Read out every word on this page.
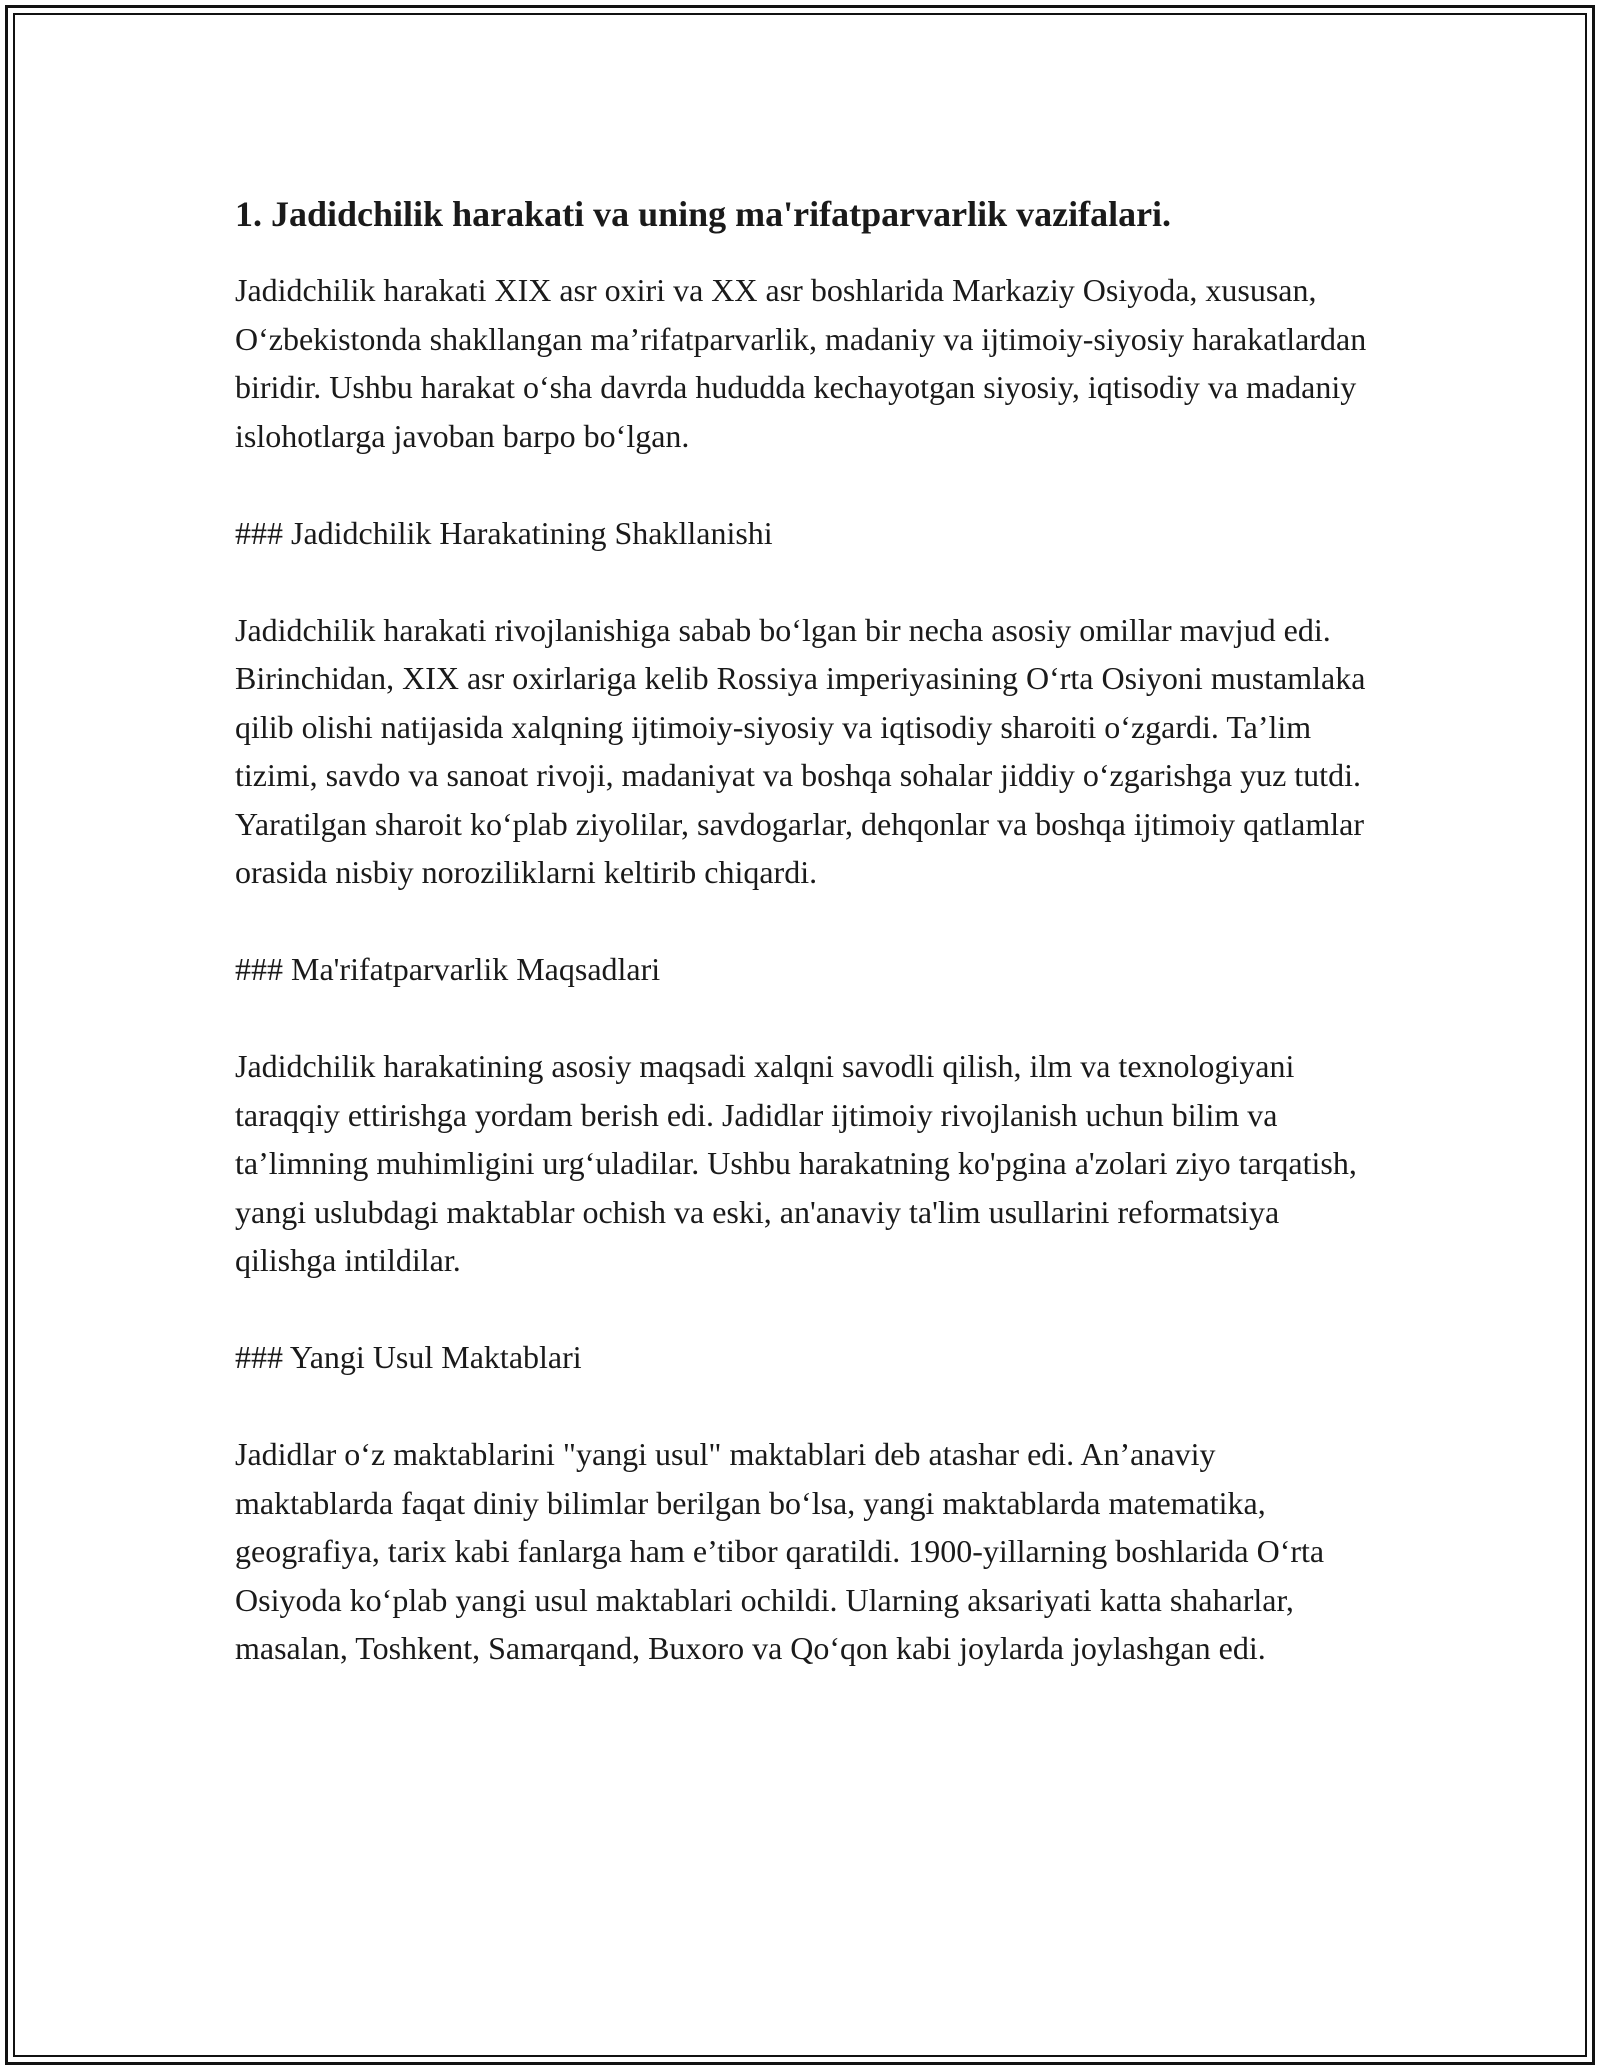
1. Jadidchilik harakati va uning ma'rifatparvarlik vazifalari.

Jadidchilik harakati XIX asr oxiri va XX asr boshlarida Markaziy Osiyoda, xususan, O‘zbekistonda shakllangan ma’rifatparvarlik, madaniy va ijtimoiy-siyosiy harakatlardan biridir. Ushbu harakat o‘sha davrda hududda kechayotgan siyosiy, iqtisodiy va madaniy islohotlarga javoban barpo bo‘lgan.

### Jadidchilik Harakatining Shakllanishi

Jadidchilik harakati rivojlanishiga sabab bo‘lgan bir necha asosiy omillar mavjud edi. Birinchidan, XIX asr oxirlariga kelib Rossiya imperiyasining O‘rta Osiyoni mustamlaka qilib olishi natijasida xalqning ijtimoiy-siyosiy va iqtisodiy sharoiti o‘zgardi. Ta’lim tizimi, savdo va sanoat rivoji, madaniyat va boshqa sohalar jiddiy o‘zgarishga yuz tutdi. Yaratilgan sharoit ko‘plab ziyolilar, savdogarlar, dehqonlar va boshqa ijtimoiy qatlamlar orasida nisbiy noroziliklarni keltirib chiqardi.

### Ma'rifatparvarlik Maqsadlari

Jadidchilik harakatining asosiy maqsadi xalqni savodli qilish, ilm va texnologiyani taraqqiy ettirishga yordam berish edi. Jadidlar ijtimoiy rivojlanish uchun bilim va ta’limning muhimligini urg‘uladilar. Ushbu harakatning ko'pgina a'zolari ziyo tarqatish, yangi uslubdagi maktablar ochish va eski, an'anaviy ta'lim usullarini reformatsiya qilishga intildilar.

### Yangi Usul Maktablari

Jadidlar o‘z maktablarini "yangi usul" maktablari deb atashar edi. An’anaviy maktablarda faqat diniy bilimlar berilgan bo‘lsa, yangi maktablarda matematika, geografiya, tarix kabi fanlarga ham e’tibor qaratildi. 1900-yillarning boshlarida O‘rta Osiyoda ko‘plab yangi usul maktablari ochildi. Ularning aksariyati katta shaharlar, masalan, Toshkent, Samarqand, Buxoro va Qo‘qon kabi joylarda joylashgan edi.
